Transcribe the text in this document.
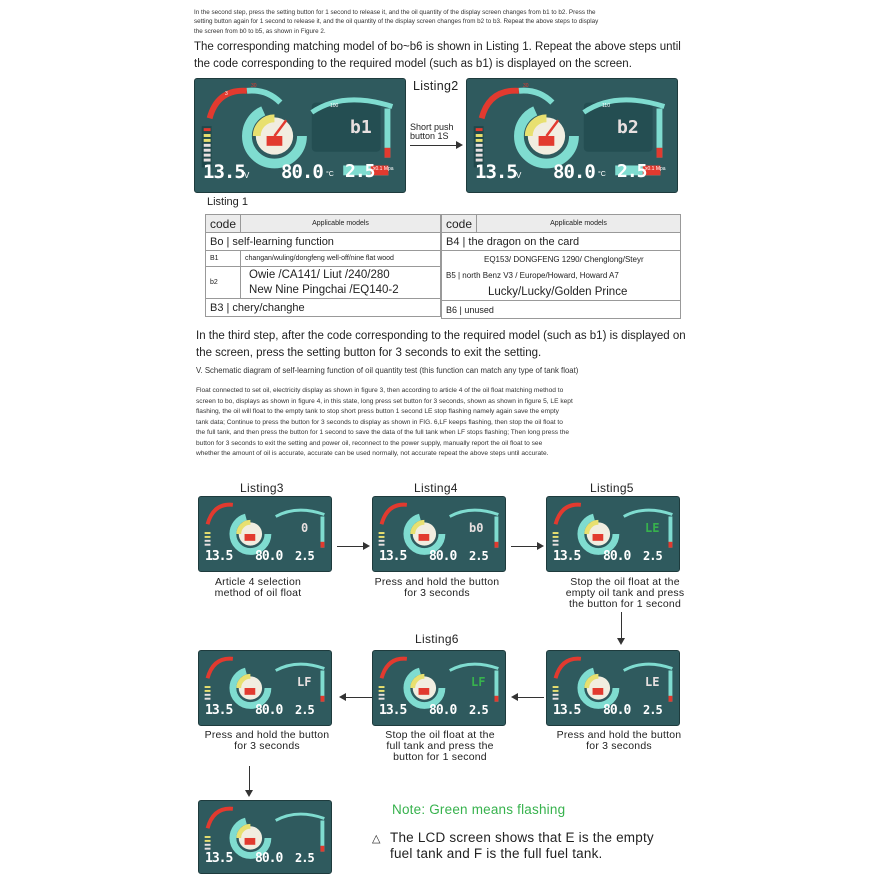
In the second step, press the setting button for 1 second to release it, and the oil quantity of the display screen changes from b1 to b2. Press the
setting button again for 1 second to release it, and the oil quantity of the display screen changes from b2 to b3. Repeat the above steps to display
the screen from b0 to b5, as shown in Figure 2.
The corresponding matching model of bo~b6 is shown in Listing 1. Repeat the above steps until
the code corresponding to the required model (such as b1) is displayed on the screen.
30
3
100
b1
13.5 V 80.0 °C 2.5
x0.1 Mpa
Listing2
Short push
button 1S
30
110
b2
13.5 V 80.0 °C 2.5
x0.1 Mpa
Listing 1
code	Applicable models
Bo | self-learning function	
B1	changan/wuling/dongfeng well-off/nine flat wood
b2	Owie /CA141/ Liut /240/280
New Nine Pingchai /EQ140-2

B3 | chery/changhe	
code	Applicable models
B4 | the dragon on the card

EQ153/ DONGFENG 1290/ Chenglong/Steyr
B5 | north Benz V3 / Europe/Howard, Howard A7
Lucky/Lucky/Golden Prince

B6 | unused
In the third step, after the code corresponding to the required model (such as b1) is displayed on
the screen, press the setting button for 3 seconds to exit the setting.
V. Schematic diagram of self-learning function of oil quantity test (this function can match any type of tank float)
Float connected to set oil, electricity display as shown in figure 3, then according to article 4 of the oil float matching method to
screen to bo, displays as shown in figure 4, in this state, long press set button for 3 seconds, shown as shown in figure 5, LE kept
flashing, the oil will float to the empty tank to stop short press button 1 second LE stop flashing namely again save the empty
tank data; Continue to press the button for 3 seconds to display as shown in FIG. 6,LF keeps flashing, then stop the oil float to
the full tank, and then press the button for 1 second to save the data of the full tank when LF stops flashing; Then long press the
button for 3 seconds to exit the setting and power oil, reconnect to the power supply, manually report the oil float to see
whether the amount of oil is accurate, accurate can be used normally, not accurate repeat the above steps until accurate.
Listing3	Listing4	Listing5
0
13.5 80.0 2.5
b0
13.5 80.0 2.5
LE
13.5 80.0 2.5
Article 4 selection
method of oil float
Press and hold the button
for 3 seconds
Stop the oil float at the
empty oil tank and press
the button for 1 second
Listing6
LF
13.5 80.0 2.5
LF
13.5 80.0 2.5
LE
13.5 80.0 2.5
Press and hold the button
for 3 seconds
Stop the oil float at the
full tank and press the
button for 1 second
Press and hold the button
for 3 seconds
13.5 80.0 2.5
Note: Green means flashing
△ The LCD screen shows that E is the empty
fuel tank and F is the full fuel tank.
